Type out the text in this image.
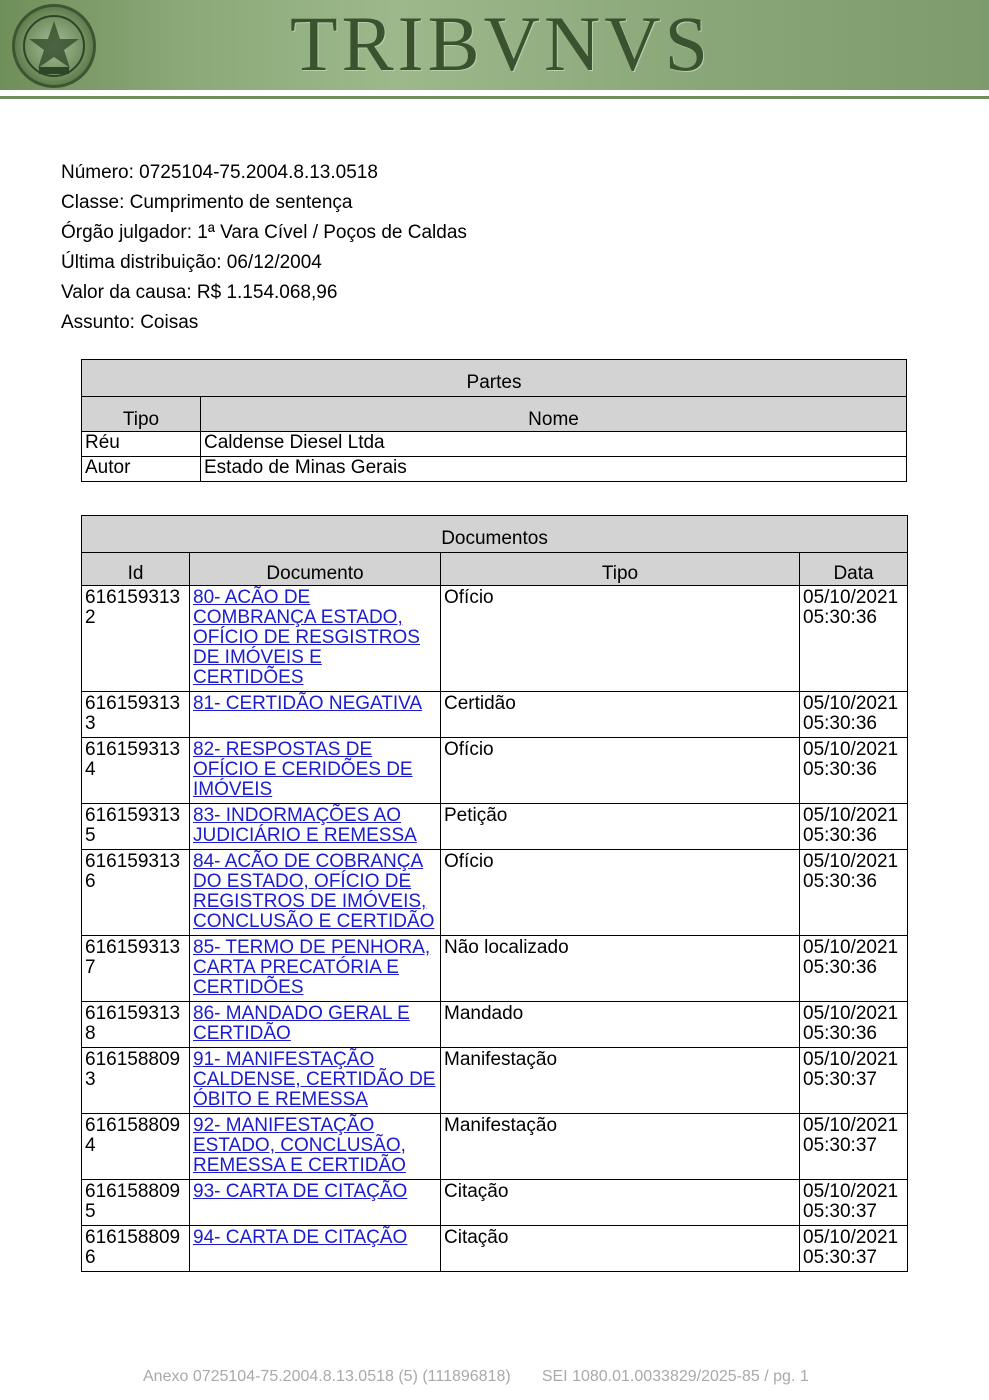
TRIBVNVS
Número: 0725104-75.2004.8.13.0518
Classe: Cumprimento de sentença
Órgão julgador: 1ª Vara Cível / Poços de Caldas
Última distribuição: 06/12/2004
Valor da causa: R$ 1.154.068,96
Assunto: Coisas
Partes	
Tipo	Nome
Réu	Caldense Diesel Ltda
Autor	Estado de Minas Gerais
Documentos			
Id	Documento	Tipo	Data
6161593132	80- ACÃO DE COMBRANÇA ESTADO, OFÍCIO DE RESGISTROS DE IMÓVEIS E CERTIDÕES	Ofício	05/10/2021 05:30:36
6161593133	81- CERTIDÃO NEGATIVA	Certidão	05/10/2021 05:30:36
6161593134	82- RESPOSTAS DE OFÍCIO E CERIDÕES DE IMÓVEIS	Ofício	05/10/2021 05:30:36
6161593135	83- INDORMAÇÕES AO JUDICIÁRIO E REMESSA	Petição	05/10/2021 05:30:36
6161593136	84- ACÃO DE COBRANÇA DO ESTADO, OFÍCIO DE REGISTROS DE IMÓVEIS, CONCLUSÃO E CERTIDÃO	Ofício	05/10/2021 05:30:36
6161593137	85- TERMO DE PENHORA, CARTA PRECATÓRIA E CERTIDÕES	Não localizado	05/10/2021 05:30:36
6161593138	86- MANDADO GERAL E CERTIDÃO	Mandado	05/10/2021 05:30:36
6161588093	91- MANIFESTAÇÃO CALDENSE, CERTIDÃO DE ÓBITO E REMESSA	Manifestação	05/10/2021 05:30:37
6161588094	92- MANIFESTAÇÃO ESTADO, CONCLUSÃO, REMESSA E CERTIDÃO	Manifestação	05/10/2021 05:30:37
6161588095	93- CARTA DE CITAÇÃO	Citação	05/10/2021 05:30:37
6161588096	94- CARTA DE CITAÇÃO	Citação	05/10/2021 05:30:37
Anexo 0725104-75.2004.8.13.0518 (5) (111896818) SEI 1080.01.0033829/2025-85 / pg. 1
